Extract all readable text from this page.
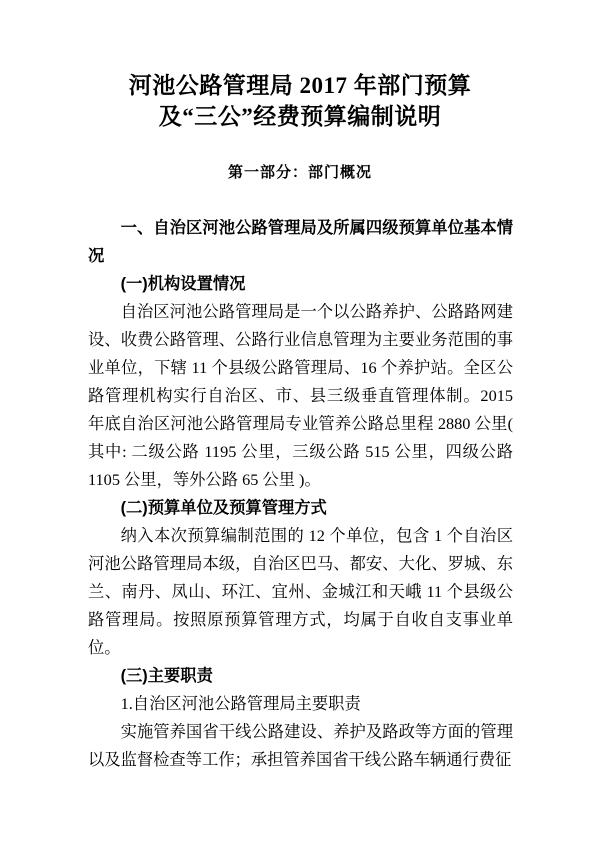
河池公路管理局 2017 年部门预算
及“三公”经费预算编制说明
第一部分：部门概况
一、自治区河池公路管理局及所属四级预算单位基本情况
(一)机构设置情况

自治区河池公路管理局是一个以公路养护、公路路网建设、收费公路管理、公路行业信息管理为主要业务范围的事业单位，下辖 11 个县级公路管理局、16 个养护站。全区公路管理机构实行自治区、市、县三级垂直管理体制。2015 年底自治区河池公路管理局专业管养公路总里程 2880 公里( 其中: 二级公路 1195 公里，三级公路 515 公里，四级公路 1105 公里，等外公路 65 公里 )。

(二)预算单位及预算管理方式

纳入本次预算编制范围的 12 个单位，包含 1 个自治区河池公路管理局本级，自治区巴马、都安、大化、罗城、东兰、南丹、凤山、环江、宜州、金城江和天峨 11 个县级公路管理局。按照原预算管理方式，均属于自收自支事业单位。

(三)主要职责

1.自治区河池公路管理局主要职责

实施管养国省干线公路建设、养护及路政等方面的管理以及监督检查等工作；承担管养国省干线公路车辆通行费征
